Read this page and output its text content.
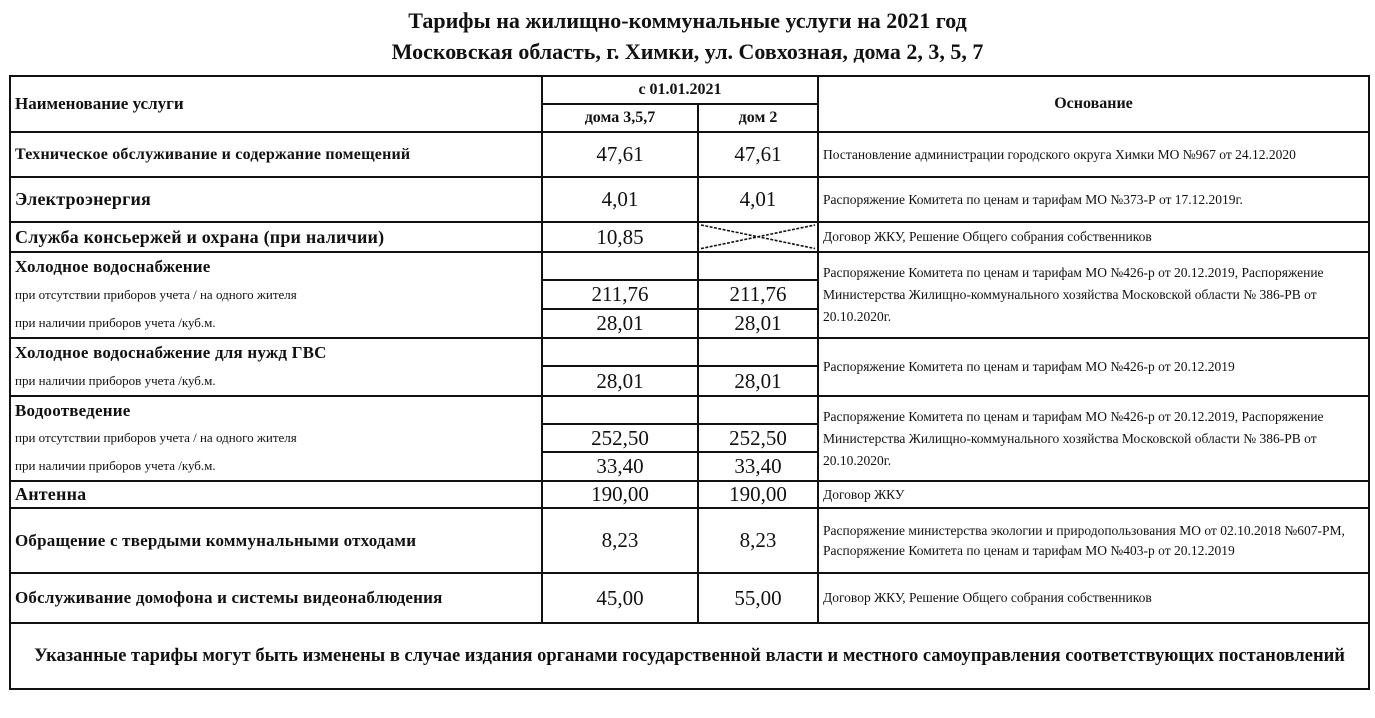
Тарифы на жилищно-коммунальные услуги на 2021 год
Московская область, г. Химки, ул. Совхозная, дома 2, 3, 5, 7
Наименование услуги	с 01.01.2021		Основание
	дома 3,5,7	дом 2	
Техническое обслуживание и содержание помещений	47,61	47,61	Постановление администрации городского округа Химки МО №967 от 24.12.2020
Электроэнергия	4,01	4,01	Распоряжение Комитета по ценам и тарифам МО №373-Р от 17.12.2019г.
Служба консьержей и охрана (при наличии)	10,85		Договор ЖКУ, Решение Общего собрания собственников
Холодное водоснабжение			Распоряжение Комитета по ценам и тарифам МО №426-р от 20.12.2019, Распоряжение Министерства Жилищно-коммунального хозяйства Московской области № 386-РВ от 20.10.2020г.
при отсутствии приборов учета / на одного жителя	211,76	211,76	
при наличии приборов учета /куб.м.	28,01	28,01	
Холодное водоснабжение для нужд ГВС			Распоряжение Комитета по ценам и тарифам МО №426-р от 20.12.2019
при наличии приборов учета /куб.м.	28,01	28,01	
Водоотведение			Распоряжение Комитета по ценам и тарифам МО №426-р от 20.12.2019, Распоряжение Министерства Жилищно-коммунального хозяйства Московской области № 386-РВ от 20.10.2020г.
при отсутствии приборов учета / на одного жителя	252,50	252,50	
при наличии приборов учета /куб.м.	33,40	33,40	
Антенна	190,00	190,00	Договор ЖКУ
Обращение с твердыми коммунальными отходами	8,23	8,23	Распоряжение министерства экологии и природопользования МО от 02.10.2018 №607-РМ, Распоряжение Комитета по ценам и тарифам МО №403-р от 20.12.2019
Обслуживание домофона и системы видеонаблюдения	45,00	55,00	Договор ЖКУ, Решение Общего собрания собственников
Указанные тарифы могут быть изменены в случае издания органами государственной власти и местного самоуправления соответствующих постановлений			
